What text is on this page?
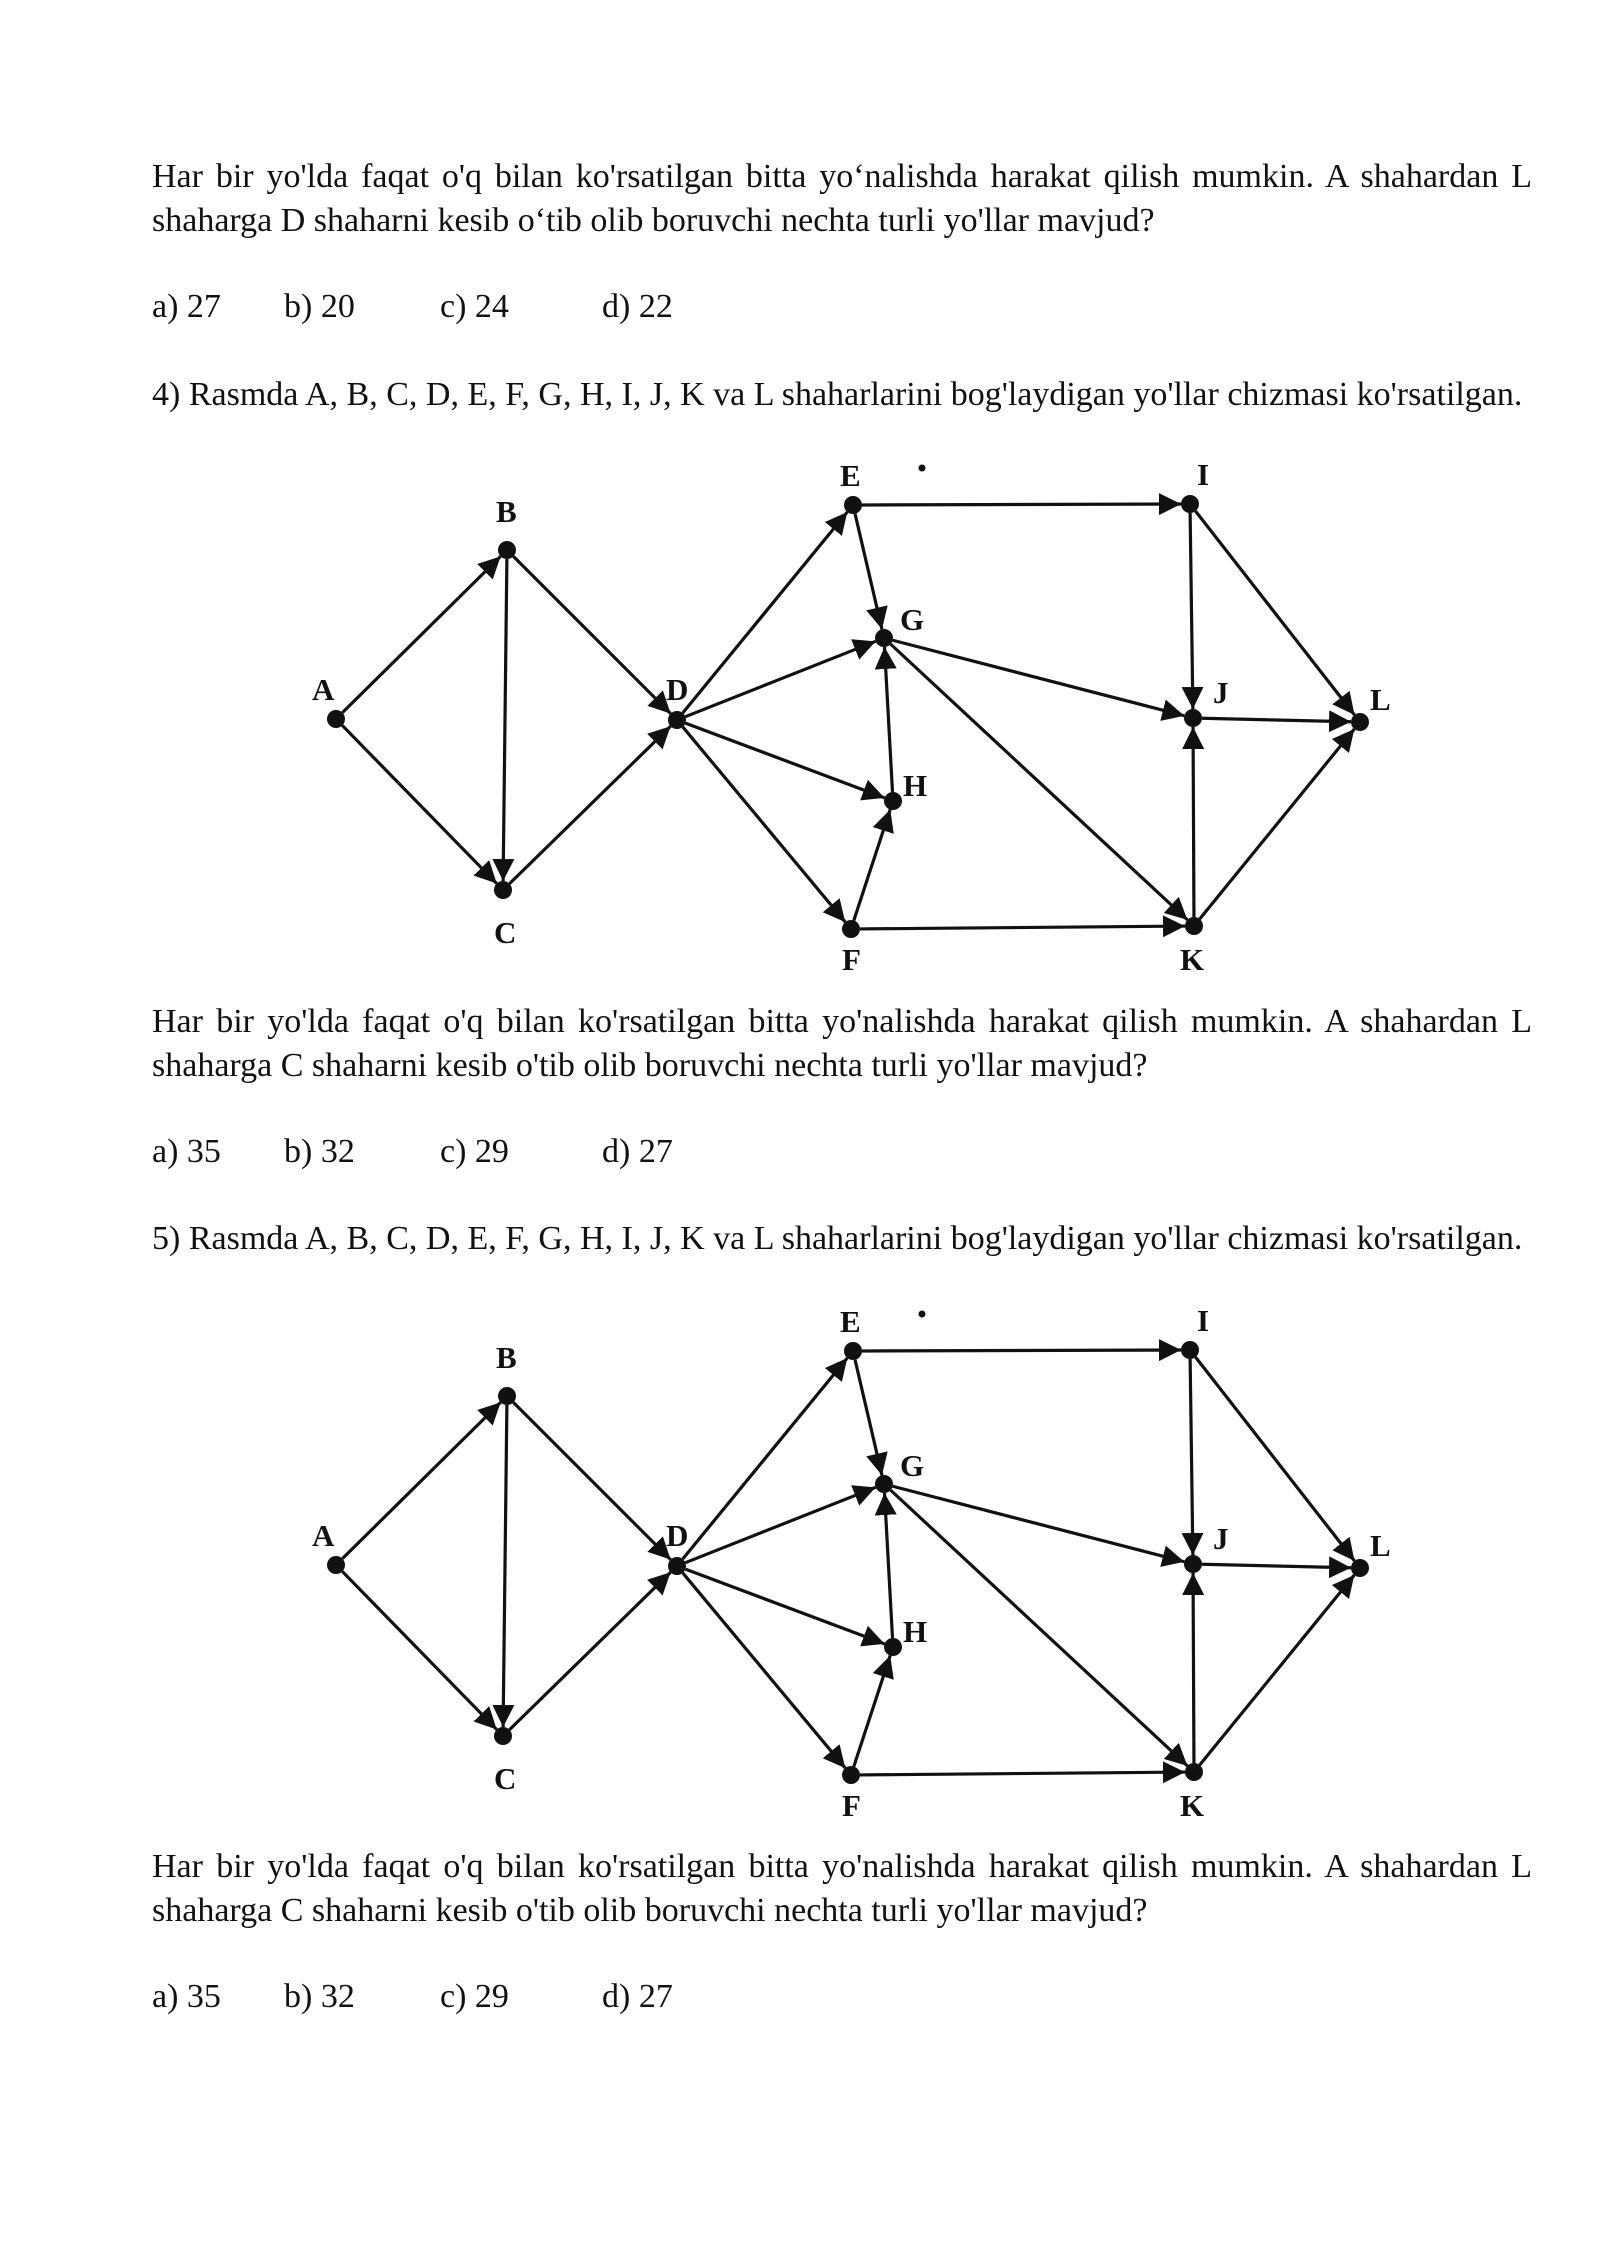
Har bir yo'lda faqat o'q bilan ko'rsatilgan bitta yo‘nalishda harakat qilish mumkin. A shahardan L shaharga D shaharni kesib o‘tib olib boruvchi nechta turli yo'llar mavjud?
a) 27 b) 20	c) 24	d) 22
4) Rasmda A, B, C, D, E, F, G, H, I, J, K va L shaharlarini bog'laydigan yo'llar chizmasi ko'rsatilgan.
A
B
C
D
E
F
G
H
I
J
K
L
Har bir yo'lda faqat o'q bilan ko'rsatilgan bitta yo'nalishda harakat qilish mumkin. A shahardan L shaharga C shaharni kesib o'tib olib boruvchi nechta turli yo'llar mavjud?
a) 35 b) 32	c) 29	d) 27
5) Rasmda A, B, C, D, E, F, G, H, I, J, K va L shaharlarini bog'laydigan yo'llar chizmasi ko'rsatilgan.
A
B
C
D
E
F
G
H
I
J
K
L
Har bir yo'lda faqat o'q bilan ko'rsatilgan bitta yo'nalishda harakat qilish mumkin. A shahardan L shaharga C shaharni kesib o'tib olib boruvchi nechta turli yo'llar mavjud?
a) 35 b) 32	c) 29	d) 27
